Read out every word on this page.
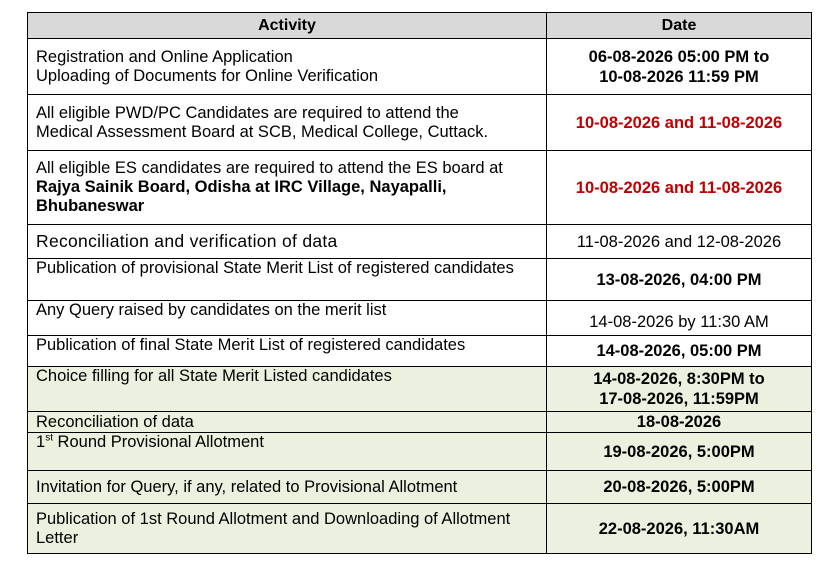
Activity	Date

Registration and Online Application
Uploading of Documents for Online Verification	06-08-2026 05:00 PM to
10-08-2026 11:59 PM

All eligible PWD/PC Candidates are required to attend the
Medical Assessment Board at SCB, Medical College, Cuttack.	10-08-2026 and 11-08-2026

All eligible ES candidates are required to attend the ES board at Rajya Sainik Board, Odisha at IRC Village, Nayapalli, Bhubaneswar	10-08-2026 and 11-08-2026

Reconciliation and verification of data	11-08-2026 and 12-08-2026

Publication of provisional State Merit List of registered candidates	13-08-2026, 04:00 PM

Any Query raised by candidates on the merit list	14-08-2026 by 11:30 AM

Publication of final State Merit List of registered candidates	14-08-2026, 05:00 PM

Choice filling for all State Merit Listed candidates	14-08-2026, 8:30PM to
17-08-2026, 11:59PM

Reconciliation of data	18-08-2026

1st Round Provisional Allotment	19-08-2026, 5:00PM

Invitation for Query, if any, related to Provisional Allotment	20-08-2026, 5:00PM

Publication of 1st Round Allotment and Downloading of Allotment Letter	22-08-2026, 11:30AM
